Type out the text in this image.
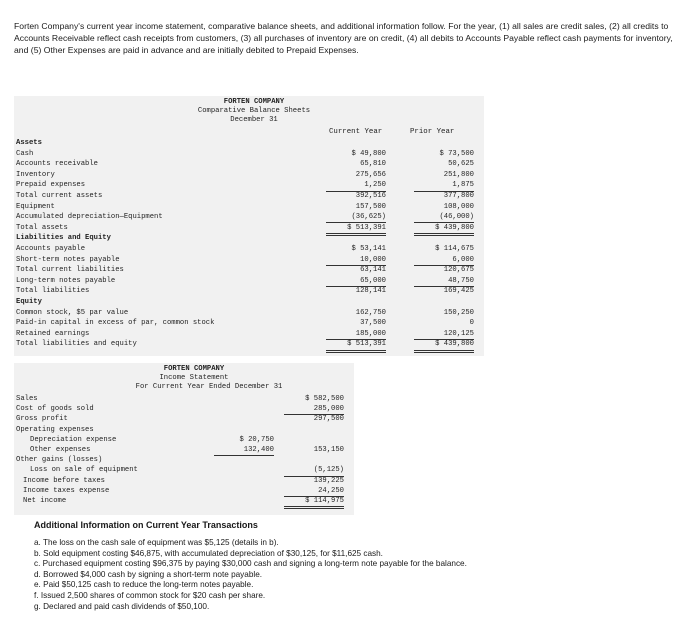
Forten Company's current year income statement, comparative balance sheets, and additional information follow. For the year, (1) all sales are credit sales, (2) all credits to Accounts Receivable reflect cash receipts from customers, (3) all purchases of inventory are on credit, (4) all debits to Accounts Payable reflect cash payments for inventory, and (5) Other Expenses are paid in advance and are initially debited to Prepaid Expenses.
FORTEN COMPANY
Comparative Balance Sheets
December 31
Current Year	Prior Year
Assets
Cash	$ 49,800	$ 73,500
Accounts receivable	65,810	50,625
Inventory	275,656	251,800
Prepaid expenses	1,250	1,875
Total current assets	392,516	377,800
Equipment	157,500	108,000
Accumulated depreciation—Equipment	(36,625)	(46,000)
Total assets	$ 513,391	$ 439,800
Liabilities and Equity
Accounts payable	$ 53,141	$ 114,675
Short-term notes payable	10,000	6,000
Total current liabilities	63,141	120,675
Long-term notes payable	65,000	48,750
Total liabilities	128,141	169,425
Equity
Common stock, $5 par value	162,750	150,250
Paid-in capital in excess of par, common stock	37,500	0
Retained earnings	185,000	120,125
Total liabilities and equity	$ 513,391	$ 439,800
FORTEN COMPANY
Income Statement
For Current Year Ended December 31
Sales	$ 582,500
Cost of goods sold	285,000
Gross profit	297,500
Operating expenses
Depreciation expense	$ 20,750
Other expenses	132,400	153,150
Other gains (losses)
Loss on sale of equipment	(5,125)
Income before taxes	139,225
Income taxes expense	24,250
Net income	$ 114,975
Additional Information on Current Year Transactions
a. The loss on the cash sale of equipment was $5,125 (details in b).
b. Sold equipment costing $46,875, with accumulated depreciation of $30,125, for $11,625 cash.
c. Purchased equipment costing $96,375 by paying $30,000 cash and signing a long-term note payable for the balance.
d. Borrowed $4,000 cash by signing a short-term note payable.
e. Paid $50,125 cash to reduce the long-term notes payable.
f. Issued 2,500 shares of common stock for $20 cash per share.
g. Declared and paid cash dividends of $50,100.
